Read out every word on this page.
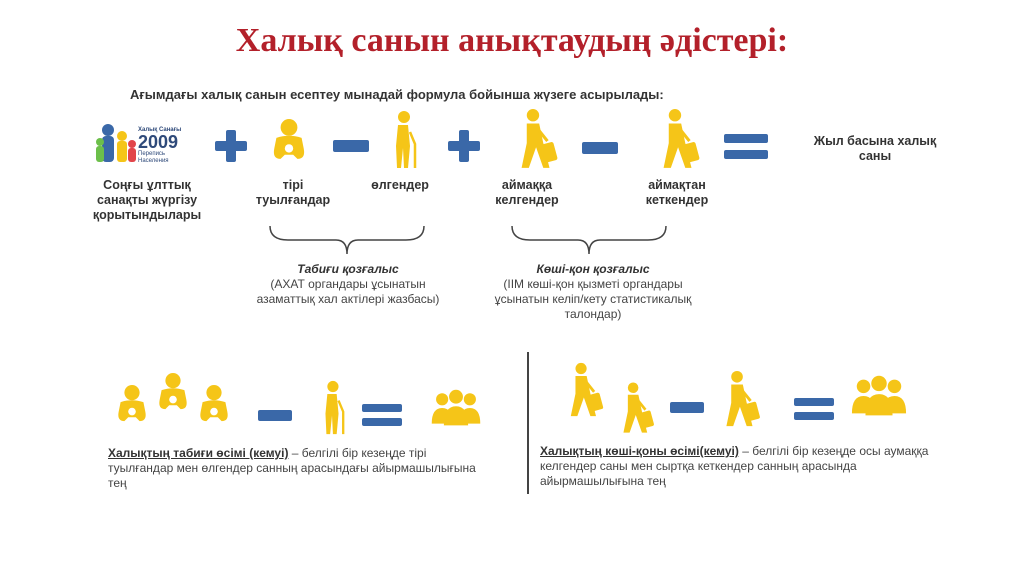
Халық санын анықтаудың әдістері:
Ағымдағы халық санын есептеу мынадай формула бойынша жүзеге асырылады:
Халық Санағы
2009
Перепись
Населения
Соңғы ұлттық санақты жүргізу қорытындылары
тірі туылғандар
өлгендер	аймаққа келгендер
аймақтан кеткендер
Жыл басына халық саны
Табиғи қозғалыс
(АХАТ органдары ұсынатын азаматтық хал актілері жазбасы)
Көші-қон қозғалыс
(ІІМ көші-қон қызметі органдары ұсынатын келіп/кету статистикалық талондар)
Халықтың табиғи өсімі (кемуі) – белгілі бір кезеңде тірі туылғандар мен өлгендер санның арасындағы айырмашылығына тең
Халықтың көші-қоны өсімі(кемуі) – белгілі бір кезеңде осы аумаққа келгендер саны мен сыртқа кеткендер санның арасында айырмашылығына тең
